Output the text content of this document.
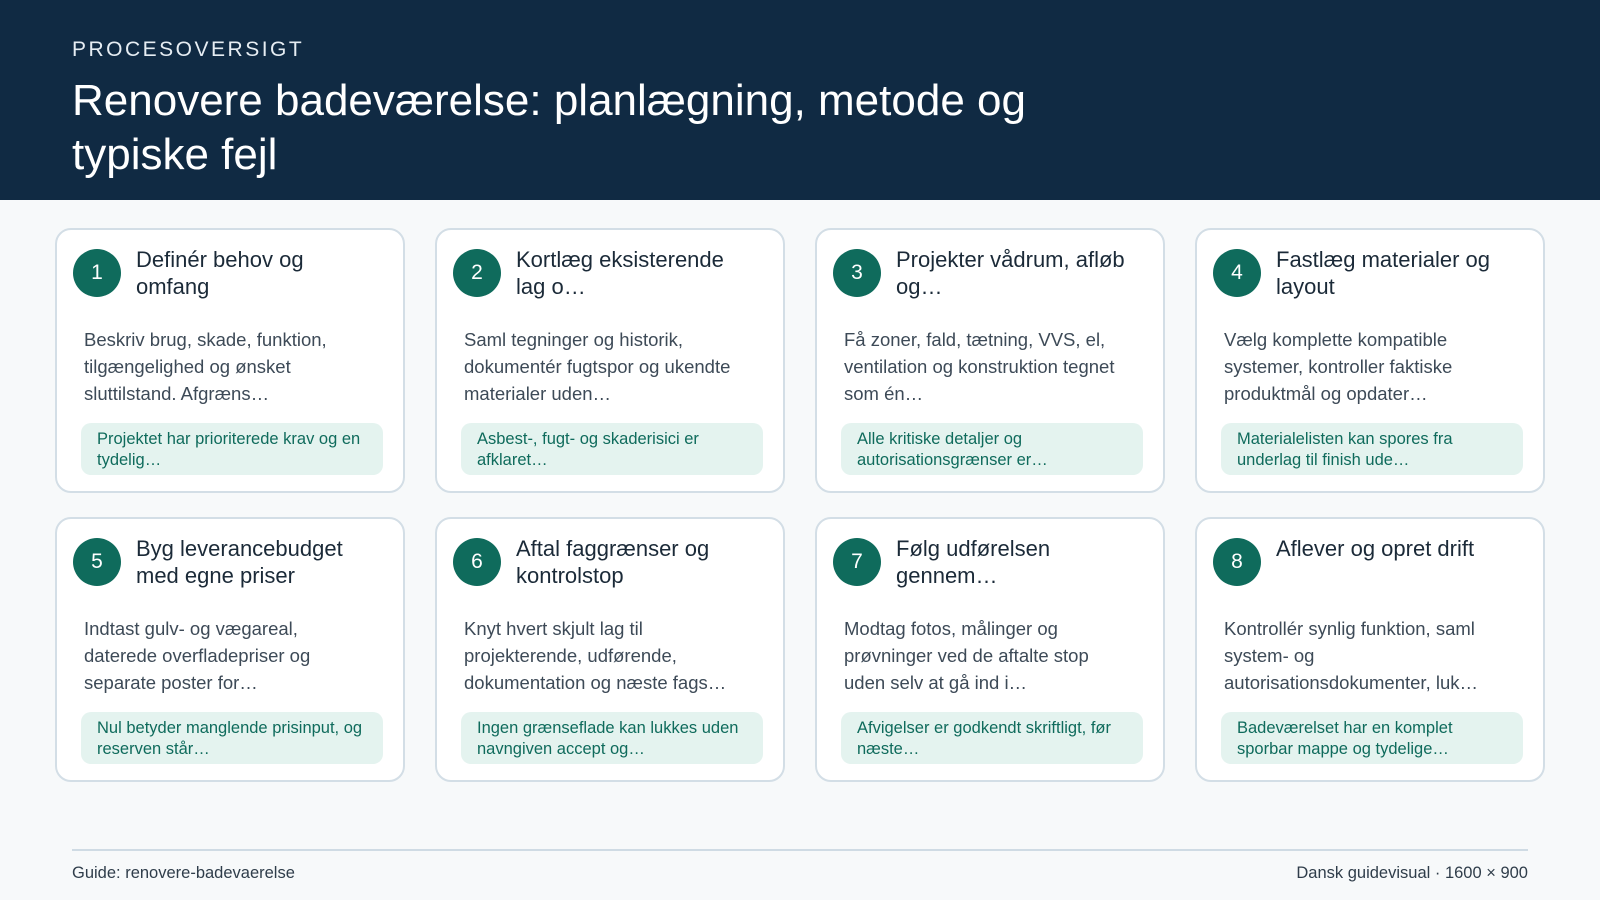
PROCESOVERSIGT
Renovere badeværelse: planlægning, metode og typiske fejl
1
Definér behov og omfang
Beskriv brug, skade, funktion, tilgængelighed og ønsket sluttilstand. Afgræns…
Projektet har prioriterede krav og en tydelig…
2
Kortlæg eksisterende lag o…
Saml tegninger og historik, dokumentér fugtspor og ukendte materialer uden…
Asbest-, fugt- og skaderisici er afklaret…
3
Projekter vådrum, afløb og…
Få zoner, fald, tætning, VVS, el, ventilation og konstruktion tegnet som én…
Alle kritiske detaljer og autorisationsgrænser er…
4
Fastlæg materialer og layout
Vælg komplette kompatible systemer, kontroller faktiske produktmål og opdater…
Materialelisten kan spores fra underlag til finish ude…
5
Byg leverancebudget med egne priser
Indtast gulv- og vægareal, daterede overfladepriser og separate poster for…
Nul betyder manglende prisinput, og reserven står…
6
Aftal faggrænser og kontrolstop
Knyt hvert skjult lag til projekterende, udførende, dokumentation og næste fags…
Ingen grænseflade kan lukkes uden navngiven accept og…
7
Følg udførelsen gennem…
Modtag fotos, målinger og prøvninger ved de aftalte stop uden selv at gå ind i…
Afvigelser er godkendt skriftligt, før næste…
8
Aflever og opret drift
Kontrollér synlig funktion, saml system- og autorisationsdokumenter, luk…
Badeværelset har en komplet sporbar mappe og tydelige…
Guide: renovere-badevaerelse	Dansk guidevisual · 1600 × 900
